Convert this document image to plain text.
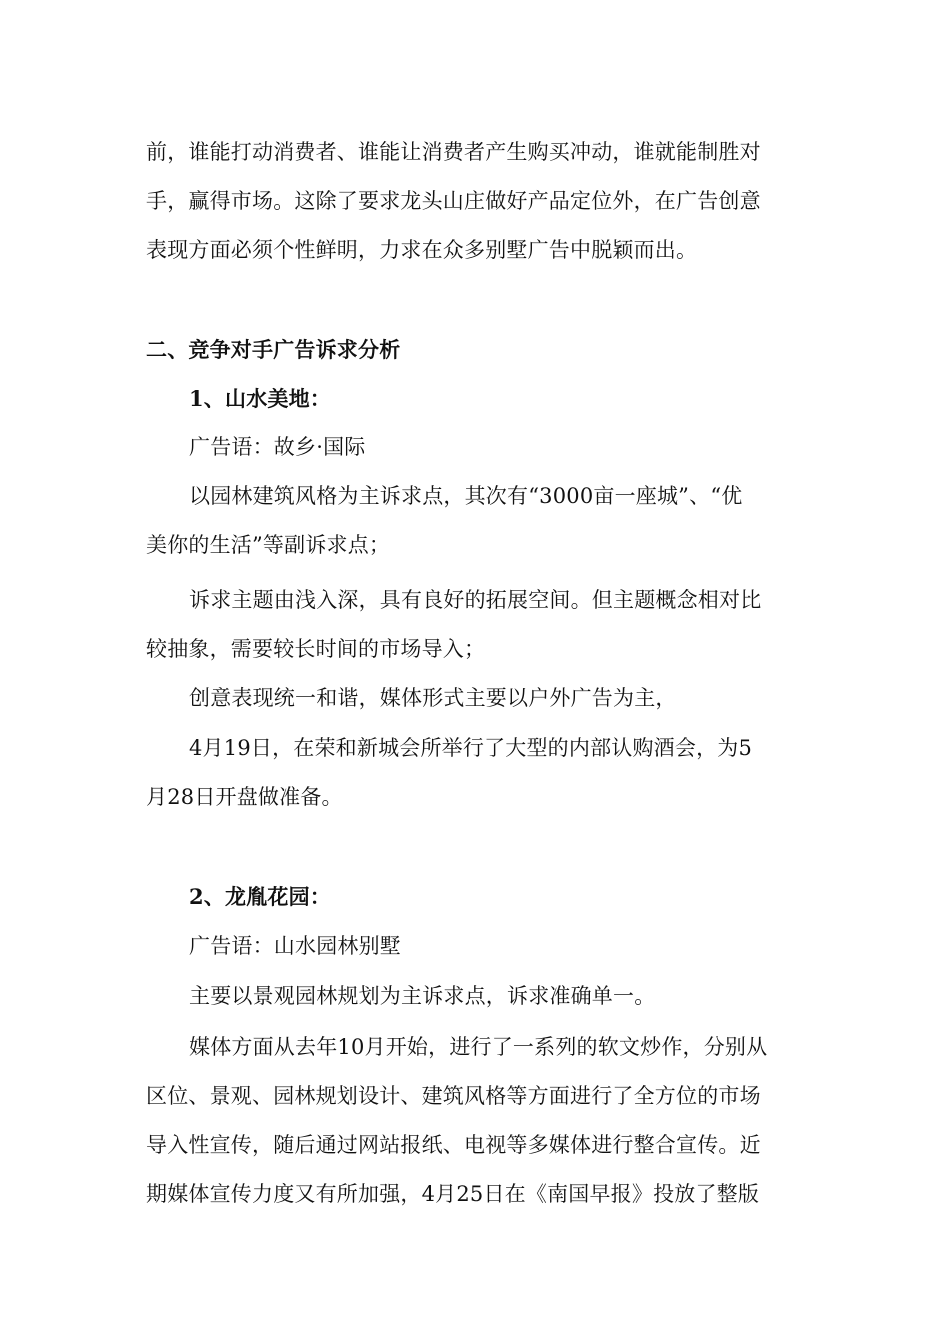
前，谁能打动消费者、谁能让消费者产生购买冲动，谁就能制胜对
手，赢得市场。这除了要求龙头山庄做好产品定位外，在广告创意
表现方面必须个性鲜明，力求在众多别墅广告中脱颖而出。
二、竞争对手广告诉求分析
1、山水美地：
广告语：故乡·国际
以园林建筑风格为主诉求点，其次有“3000亩一座城”、“优
美你的生活”等副诉求点；
诉求主题由浅入深，具有良好的拓展空间。但主题概念相对比
较抽象，需要较长时间的市场导入；
创意表现统一和谐，媒体形式主要以户外广告为主，
4月19日，在荣和新城会所举行了大型的内部认购酒会，为5
月28日开盘做准备。
2、龙胤花园：
广告语：山水园林别墅
主要以景观园林规划为主诉求点，诉求准确单一。
媒体方面从去年10月开始，进行了一系列的软文炒作，分别从
区位、景观、园林规划设计、建筑风格等方面进行了全方位的市场
导入性宣传，随后通过网站报纸、电视等多媒体进行整合宣传。近
期媒体宣传力度又有所加强，4月25日在《南国早报》投放了整版
